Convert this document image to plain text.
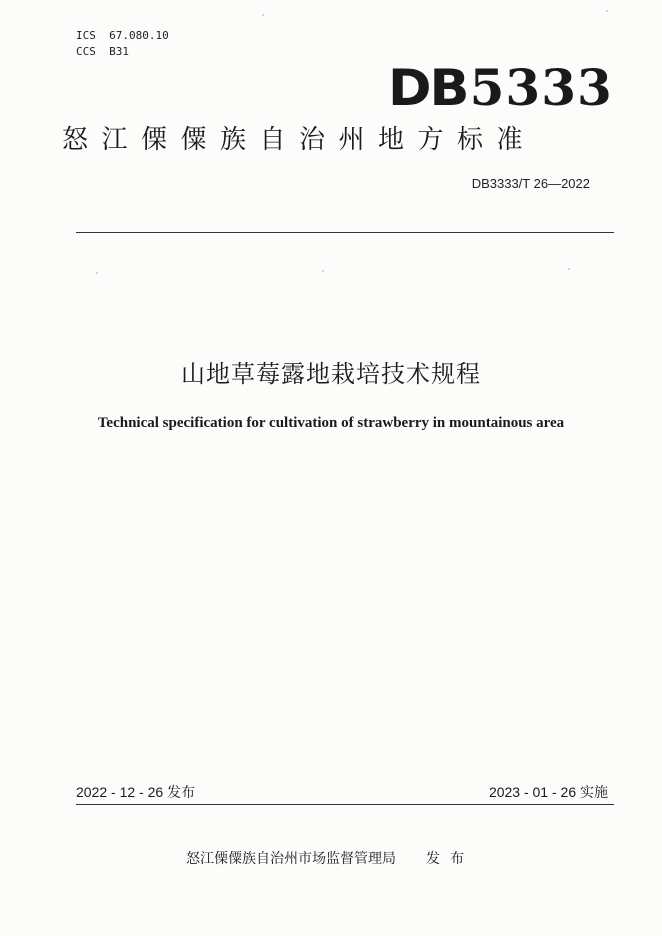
ICS  67.080.10
CCS  B31
DB5333
怒江傈僳族自治州地方标准
DB3333/T 26—2022
山地草莓露地栽培技术规程
Technical specification for cultivation of strawberry in mountainous area
2022 - 12 - 26 发布	2023 - 01 - 26 实施
怒江傈僳族自治州市场监督管理局 发布
